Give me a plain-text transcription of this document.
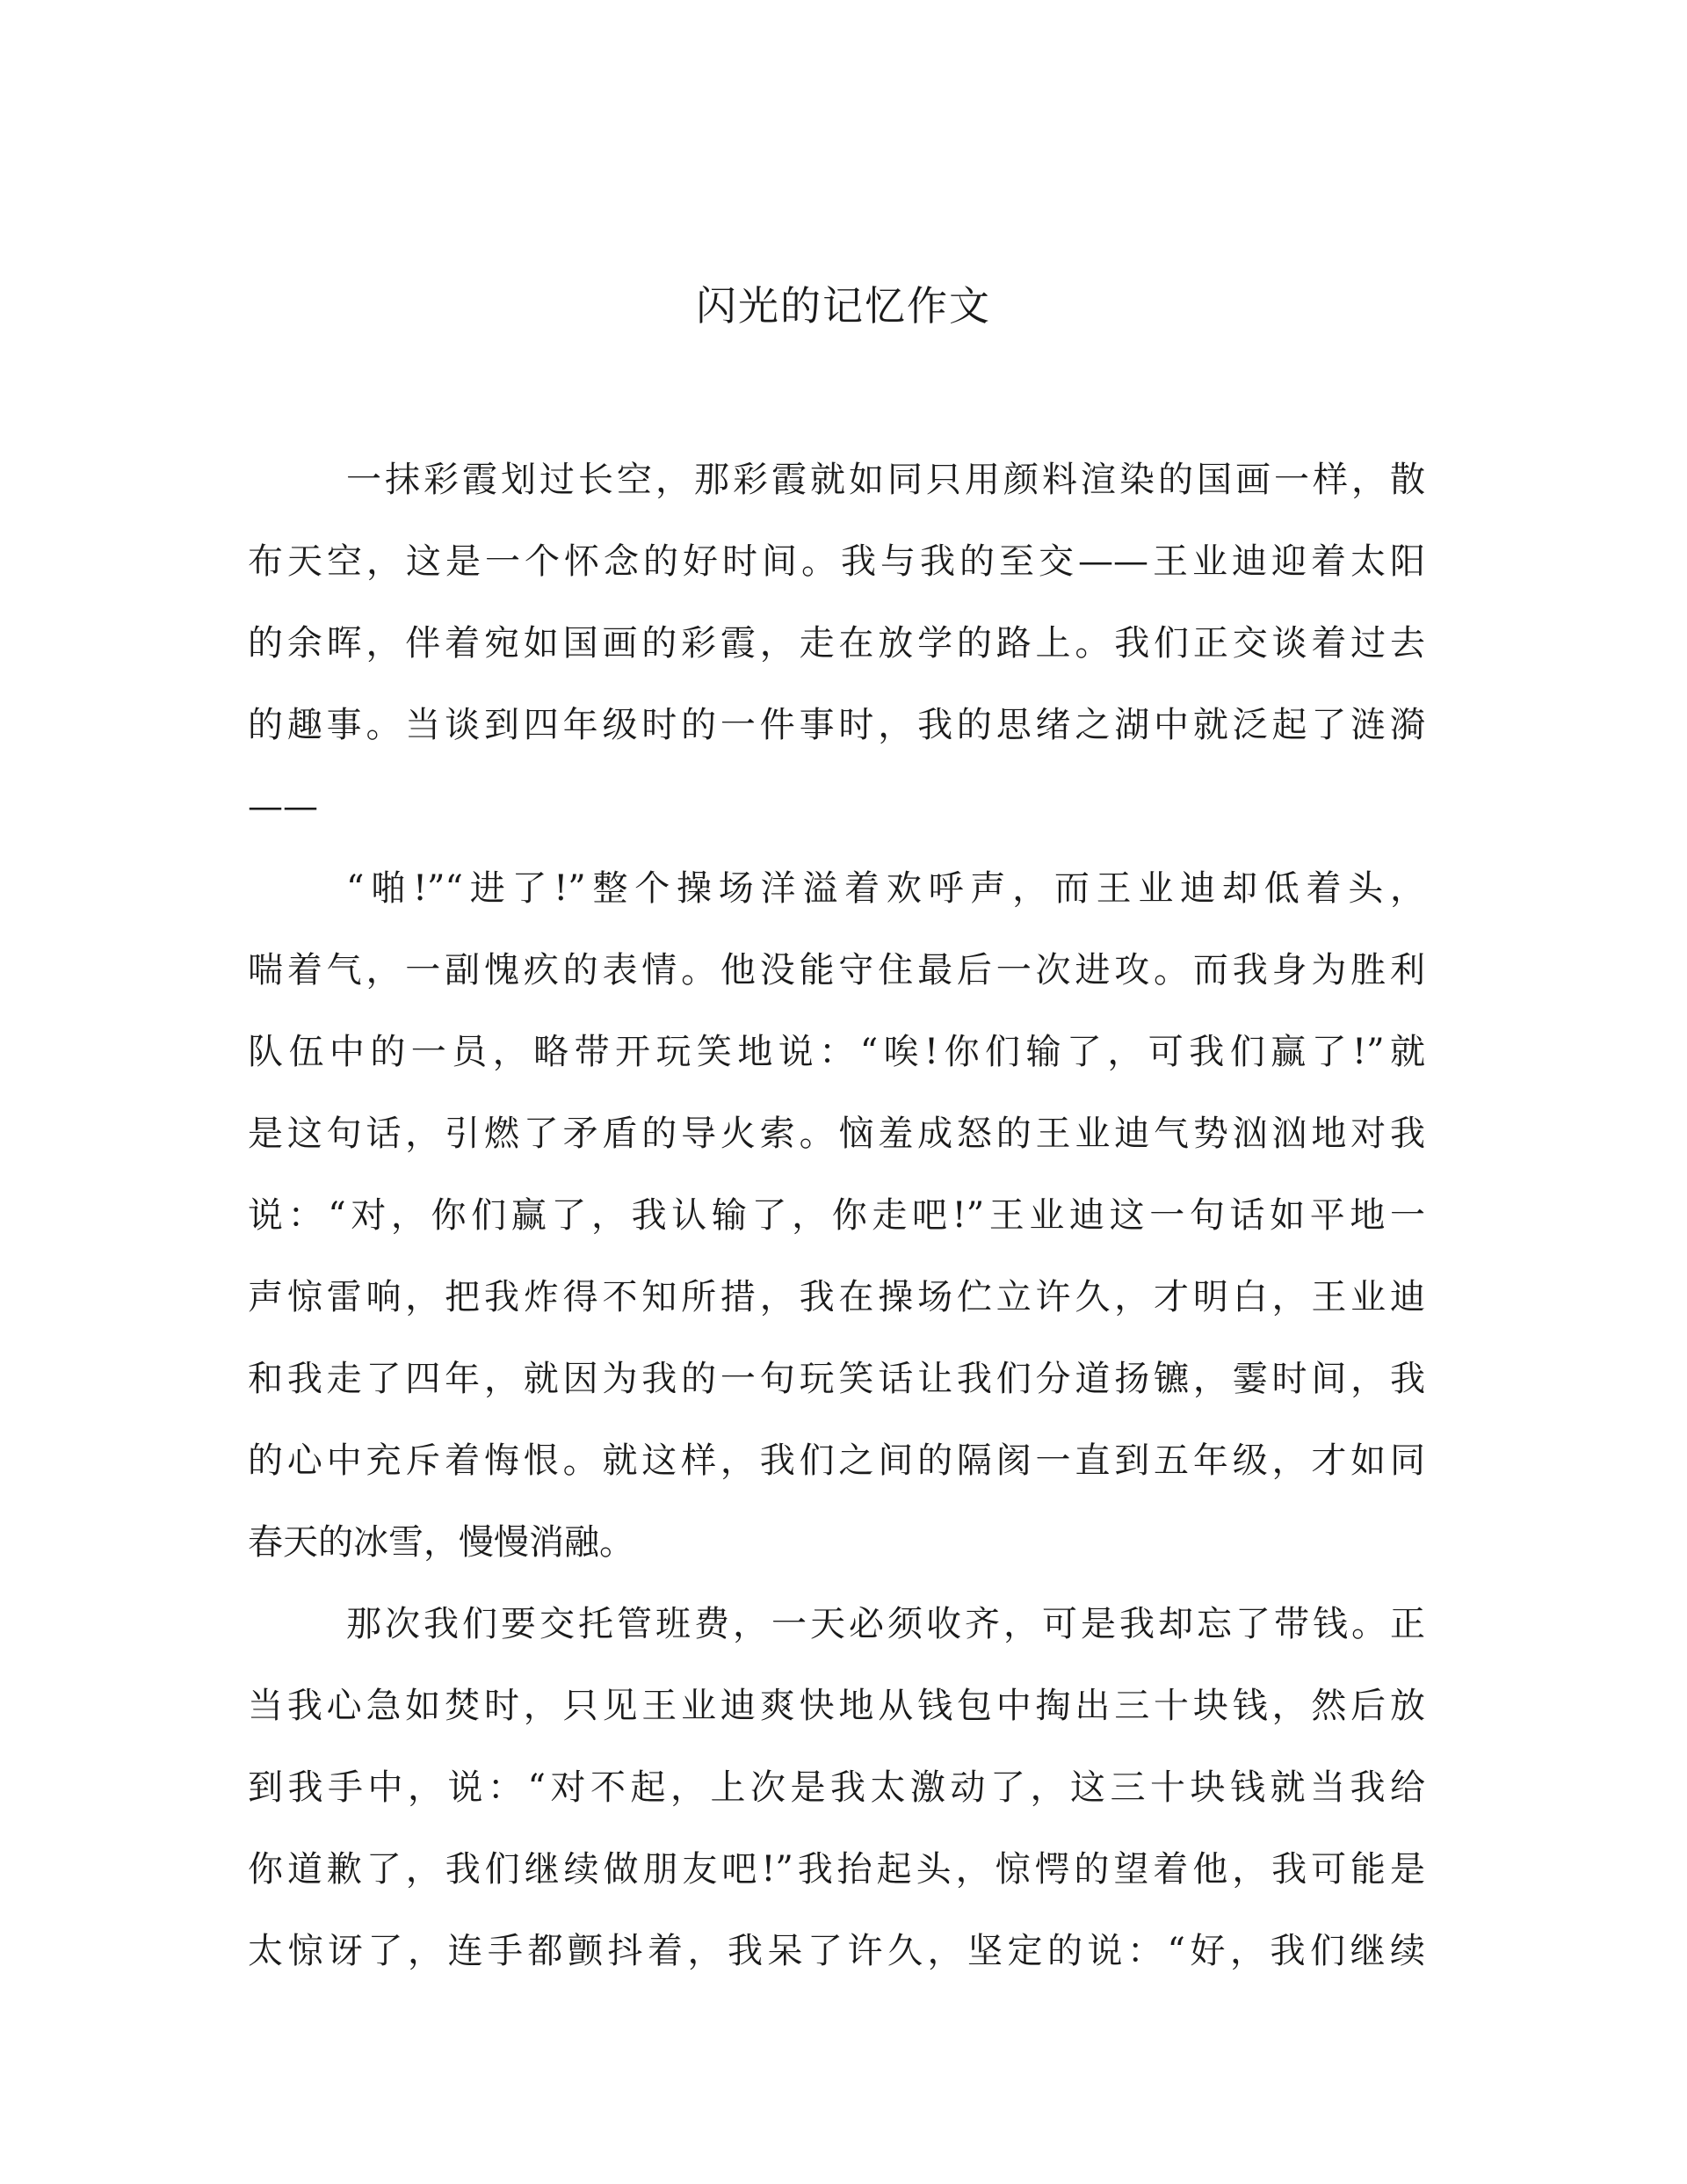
闪光的记忆作文
一抹彩霞划过长空，那彩霞就如同只用颜料渲染的国画一样，散
布天空，这是一个怀念的好时间。我与我的至交——王业迪迎着太阳
的余晖，伴着宛如国画的彩霞，走在放学的路上。我们正交谈着过去
的趣事。当谈到四年级时的一件事时，我的思绪之湖中就泛起了涟漪
——
“啪!”“进了!”整个操场洋溢着欢呼声，而王业迪却低着头，
喘着气，一副愧疚的表情。他没能守住最后一次进攻。而我身为胜利
队伍中的一员，略带开玩笑地说：“唉!你们输了，可我们赢了!”就
是这句话，引燃了矛盾的导火索。恼羞成怒的王业迪气势汹汹地对我
说：“对，你们赢了，我认输了，你走吧!”王业迪这一句话如平地一
声惊雷响，把我炸得不知所措，我在操场伫立许久，才明白，王业迪
和我走了四年，就因为我的一句玩笑话让我们分道扬镳，霎时间，我
的心中充斥着悔恨。就这样，我们之间的隔阂一直到五年级，才如同
春天的冰雪，慢慢消融。
那次我们要交托管班费，一天必须收齐，可是我却忘了带钱。正
当我心急如焚时，只见王业迪爽快地从钱包中掏出三十块钱，然后放
到我手中，说：“对不起，上次是我太激动了，这三十块钱就当我给
你道歉了，我们继续做朋友吧!”我抬起头，惊愕的望着他，我可能是
太惊讶了，连手都颤抖着，我呆了许久，坚定的说：“好，我们继续
